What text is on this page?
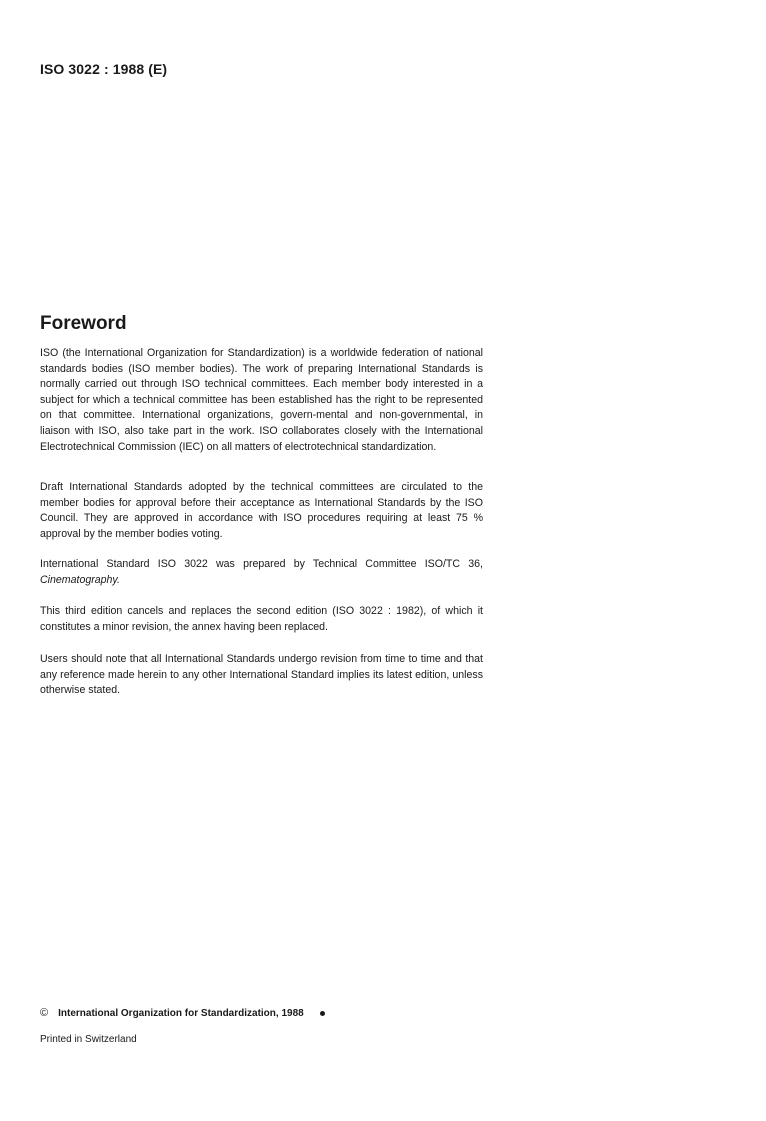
ISO 3022 : 1988 (E)
Foreword

ISO (the International Organization for Standardization) is a worldwide federation of national standards bodies (ISO member bodies). The work of preparing International Standards is normally carried out through ISO technical committees. Each member body interested in a subject for which a technical committee has been established has the right to be represented on that committee. International organizations, govern-mental and non-governmental, in liaison with ISO, also take part in the work. ISO collaborates closely with the International Electrotechnical Commission (IEC) on all matters of electrotechnical standardization.

Draft International Standards adopted by the technical committees are circulated to the member bodies for approval before their acceptance as International Standards by the ISO Council. They are approved in accordance with ISO procedures requiring at least 75 % approval by the member bodies voting.

International Standard ISO 3022 was prepared by Technical Committee ISO/TC 36, Cinematography.

This third edition cancels and replaces the second edition (ISO 3022 : 1982), of which it constitutes a minor revision, the annex having been replaced.

Users should note that all International Standards undergo revision from time to time and that any reference made herein to any other International Standard implies its latest edition, unless otherwise stated.

© International Organization for Standardization, 1988
Printed in Switzerland
